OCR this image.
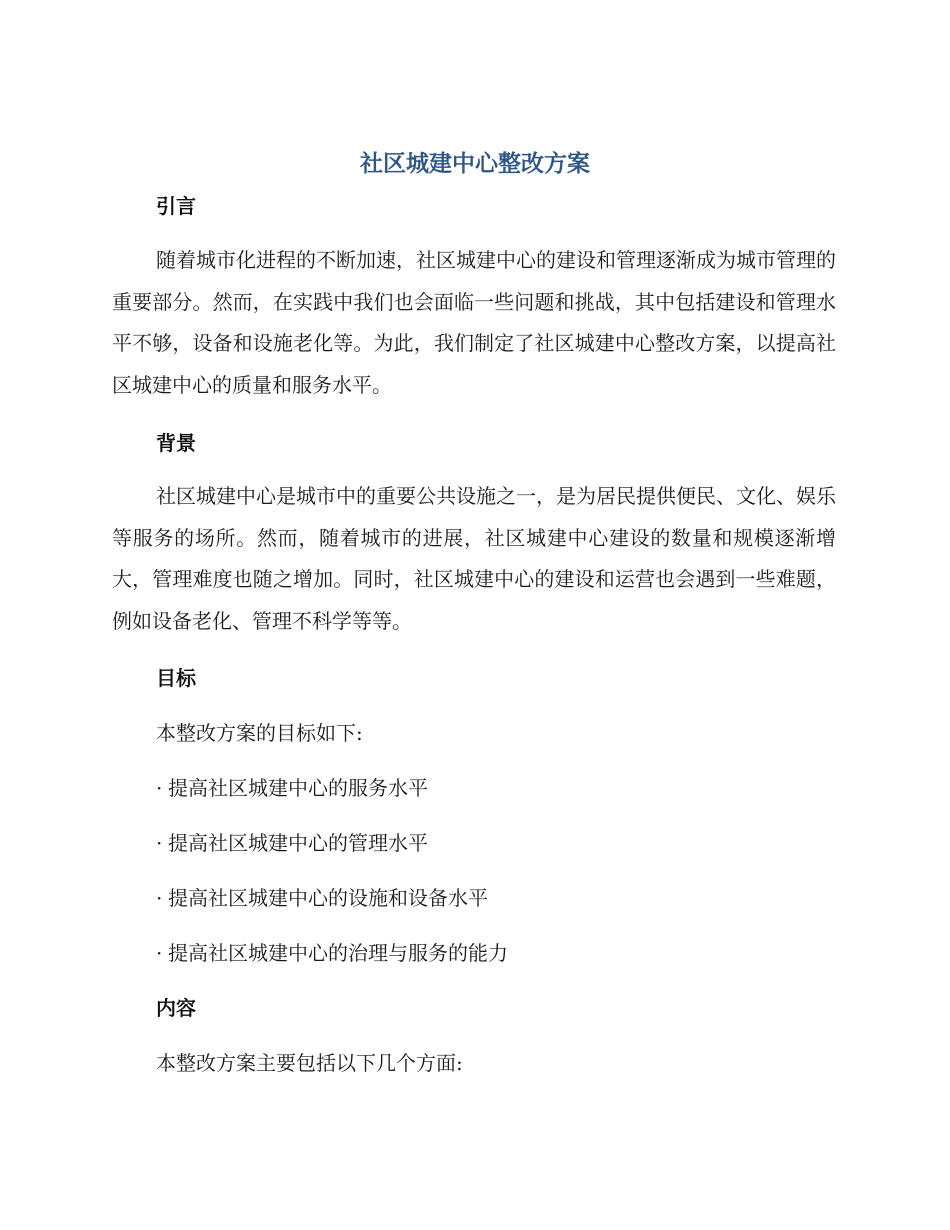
社区城建中心整改方案
引言

随着城市化进程的不断加速，社区城建中心的建设和管理逐渐成为城市管理的重要部分。然而，在实践中我们也会面临一些问题和挑战，其中包括建设和管理水平不够，设备和设施老化等。为此，我们制定了社区城建中心整改方案，以提高社区城建中心的质量和服务水平。

背景

社区城建中心是城市中的重要公共设施之一，是为居民提供便民、文化、娱乐等服务的场所。然而，随着城市的进展，社区城建中心建设的数量和规模逐渐增大，管理难度也随之增加。同时，社区城建中心的建设和运营也会遇到一些难题，例如设备老化、管理不科学等等。

目标

本整改方案的目标如下:

· 提高社区城建中心的服务水平

· 提高社区城建中心的管理水平

· 提高社区城建中心的设施和设备水平

· 提高社区城建中心的治理与服务的能力

内容

本整改方案主要包括以下几个方面:
